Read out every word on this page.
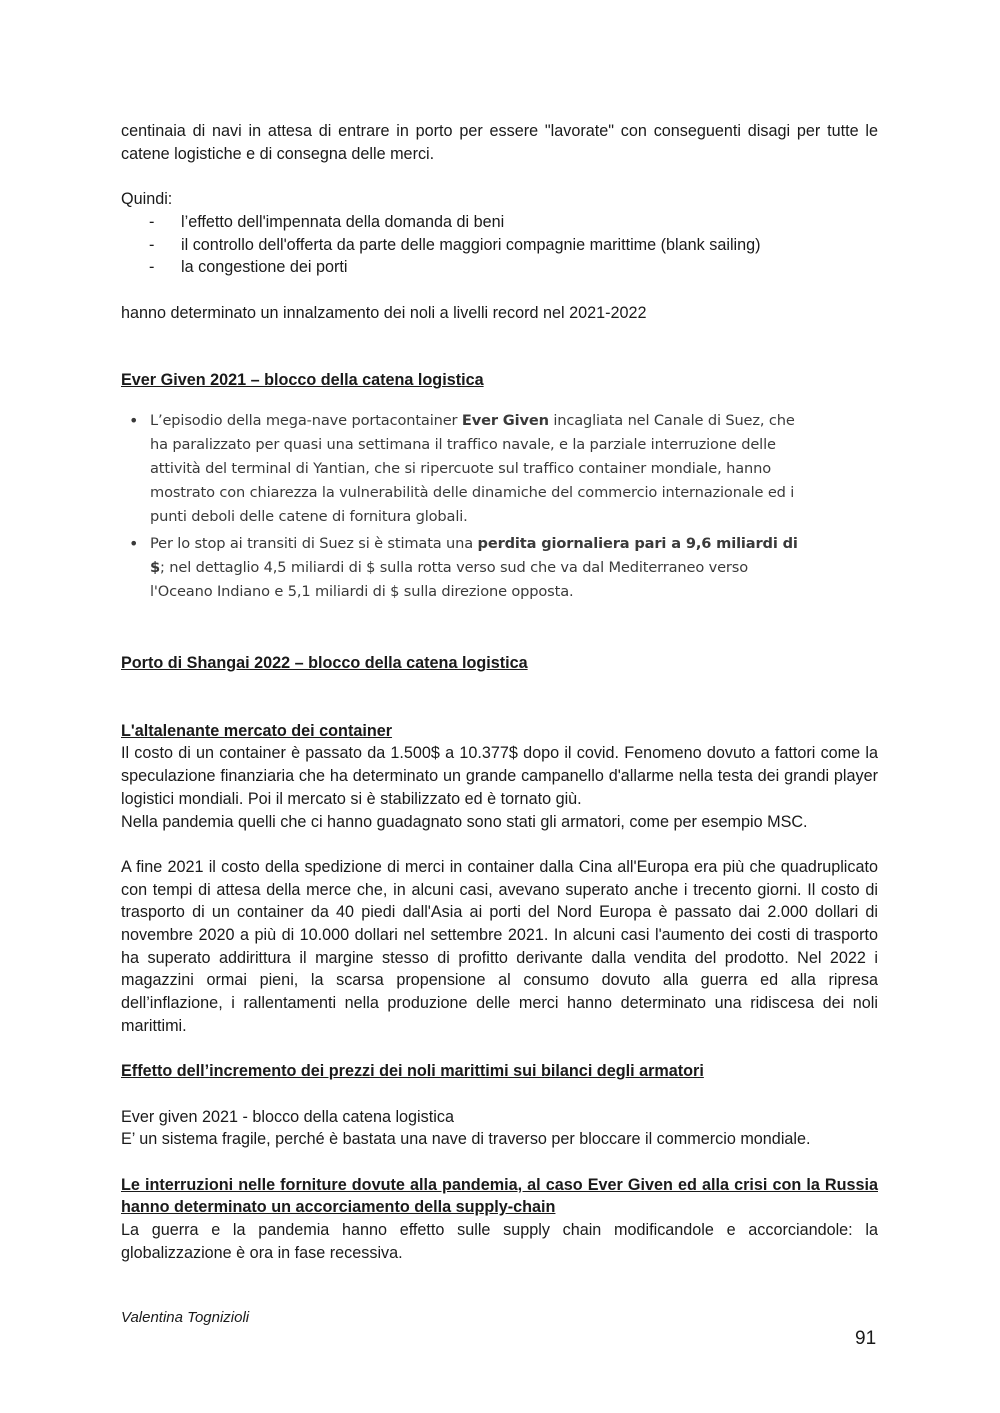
centinaia di navi in attesa di entrare in porto per essere "lavorate" con conseguenti disagi per tutte le catene logistiche e di consegna delle merci.

Quindi:

- l’effetto dell'impennata della domanda di beni
- il controllo dell'offerta da parte delle maggiori compagnie marittime (blank sailing)
- la congestione dei porti

hanno determinato un innalzamento dei noli a livelli record nel 2021-2022

Ever Given 2021 – blocco della catena logistica

• L’episodio della mega-nave portacontainer Ever Given incagliata nel Canale di Suez, che ha paralizzato per quasi una settimana il traffico navale, e la parziale interruzione delle attività del terminal di Yantian, che si ripercuote sul traffico container mondiale, hanno mostrato con chiarezza la vulnerabilità delle dinamiche del commercio internazionale ed i punti deboli delle catene di fornitura globali.
• Per lo stop ai transiti di Suez si è stimata una perdita giornaliera pari a 9,6 miliardi di $; nel dettaglio 4,5 miliardi di $ sulla rotta verso sud che va dal Mediterraneo verso l'Oceano Indiano e 5,1 miliardi di $ sulla direzione opposta.

Porto di Shangai 2022 – blocco della catena logistica

L'altalenante mercato dei container

Il costo di un container è passato da 1.500$ a 10.377$ dopo il covid. Fenomeno dovuto a fattori come la speculazione finanziaria che ha determinato un grande campanello d'allarme nella testa dei grandi player logistici mondiali. Poi il mercato si è stabilizzato ed è tornato giù.

Nella pandemia quelli che ci hanno guadagnato sono stati gli armatori, come per esempio MSC.

A fine 2021 il costo della spedizione di merci in container dalla Cina all'Europa era più che quadruplicato con tempi di attesa della merce che, in alcuni casi, avevano superato anche i trecento giorni. Il costo di trasporto di un container da 40 piedi dall'Asia ai porti del Nord Europa è passato dai 2.000 dollari di novembre 2020 a più di 10.000 dollari nel settembre 2021. In alcuni casi l'aumento dei costi di trasporto ha superato addirittura il margine stesso di profitto derivante dalla vendita del prodotto. Nel 2022 i magazzini ormai pieni, la scarsa propensione al consumo dovuto alla guerra ed alla ripresa dell’inflazione, i rallentamenti nella produzione delle merci hanno determinato una ridiscesa dei noli marittimi.

Effetto dell’incremento dei prezzi dei noli marittimi sui bilanci degli armatori

Ever given 2021 - blocco della catena logistica

E’ un sistema fragile, perché è bastata una nave di traverso per bloccare il commercio mondiale.

Le interruzioni nelle forniture dovute alla pandemia, al caso Ever Given ed alla crisi con la Russia hanno determinato un accorciamento della supply-chain

La guerra e la pandemia hanno effetto sulle supply chain modificandole e accorciandole: la globalizzazione è ora in fase recessiva.

Valentina Tognizioli
91
